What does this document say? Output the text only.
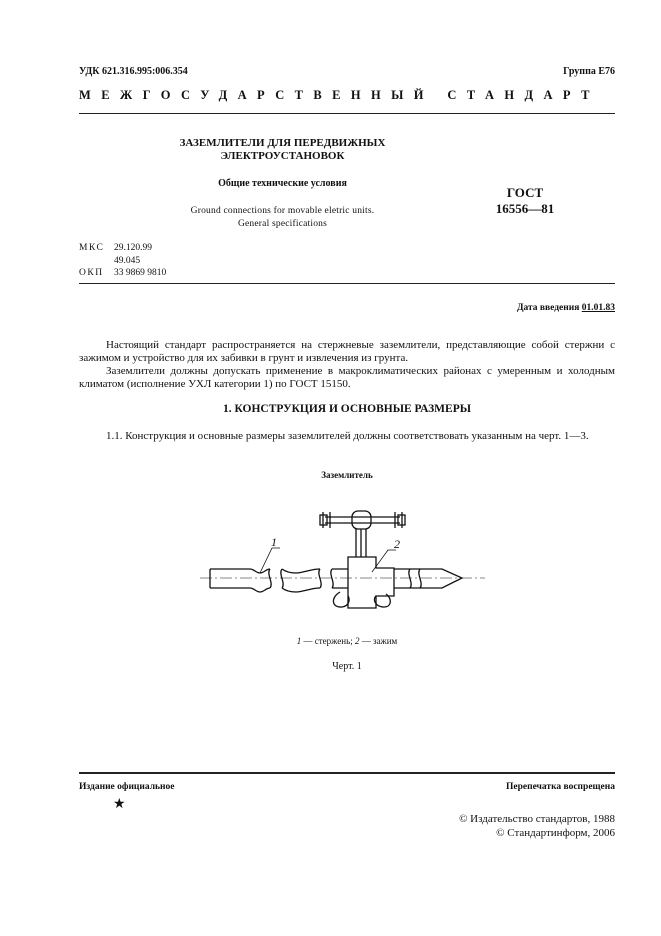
УДК 621.316.995:006.354	Группа Е76
МЕЖГОСУДАРСТВЕННЫЙ СТАНДАРТ
ЗАЗЕМЛИТЕЛИ ДЛЯ ПЕРЕДВИЖНЫХ
ЭЛЕКТРОУСТАНОВОК
Общие технические условия
Ground connections for movable eletric units.
General specifications
ГОСТ
16556—81
МКС 29.120.99
49.045
ОКП 33 9869 9810
Дата введения 01.01.83
Настоящий стандарт распространяется на стержневые заземлители, представляющие собой стержни с зажимом и устройство для их забивки в грунт и извлечения из грунта.
Заземлители должны допускать применение в макроклиматических районах с умеренным и холодным климатом (исполнение УХЛ категории 1) по ГОСТ 15150.
1. КОНСТРУКЦИЯ И ОСНОВНЫЕ РАЗМЕРЫ
1.1. Конструкция и основные размеры заземлителей должны соответствовать указанным на черт. 1—3.
Заземлитель
1	2
1 — стержень; 2 — зажим
Черт. 1
Издание официальное	Перепечатка воспрещена
★
© Издательство стандартов, 1988
© Стандартинформ, 2006
